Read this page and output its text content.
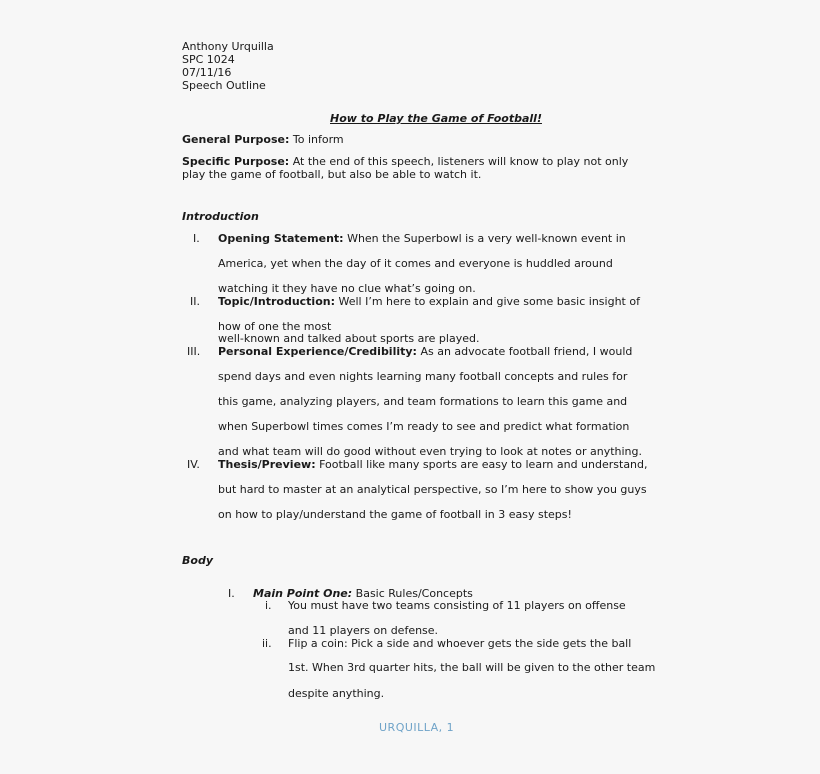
Anthony Urquilla
SPC 1024
07/11/16
Speech Outline
How to Play the Game of Football!
General Purpose: To inform
Specific Purpose: At the end of this speech, listeners will know to play not only
play the game of football, but also be able to watch it.
Introduction
I. Opening Statement: When the Superbowl is a very well-known event in
America, yet when the day of it comes and everyone is huddled around
watching it they have no clue what’s going on.
II. Topic/Introduction: Well I’m here to explain and give some basic insight of
how of one the most
well-known and talked about sports are played.
III. Personal Experience/Credibility: As an advocate football friend, I would
spend days and even nights learning many football concepts and rules for
this game, analyzing players, and team formations to learn this game and
when Superbowl times comes I’m ready to see and predict what formation
and what team will do good without even trying to look at notes or anything.
IV. Thesis/Preview: Football like many sports are easy to learn and understand,
but hard to master at an analytical perspective, so I’m here to show you guys
on how to play/understand the game of football in 3 easy steps!
Body
I. Main Point One: Basic Rules/Concepts
i. You must have two teams consisting of 11 players on offense
and 11 players on defense.
ii. Flip a coin: Pick a side and whoever gets the side gets the ball
1st. When 3rd quarter hits, the ball will be given to the other team
despite anything.
URQUILLA, 1
